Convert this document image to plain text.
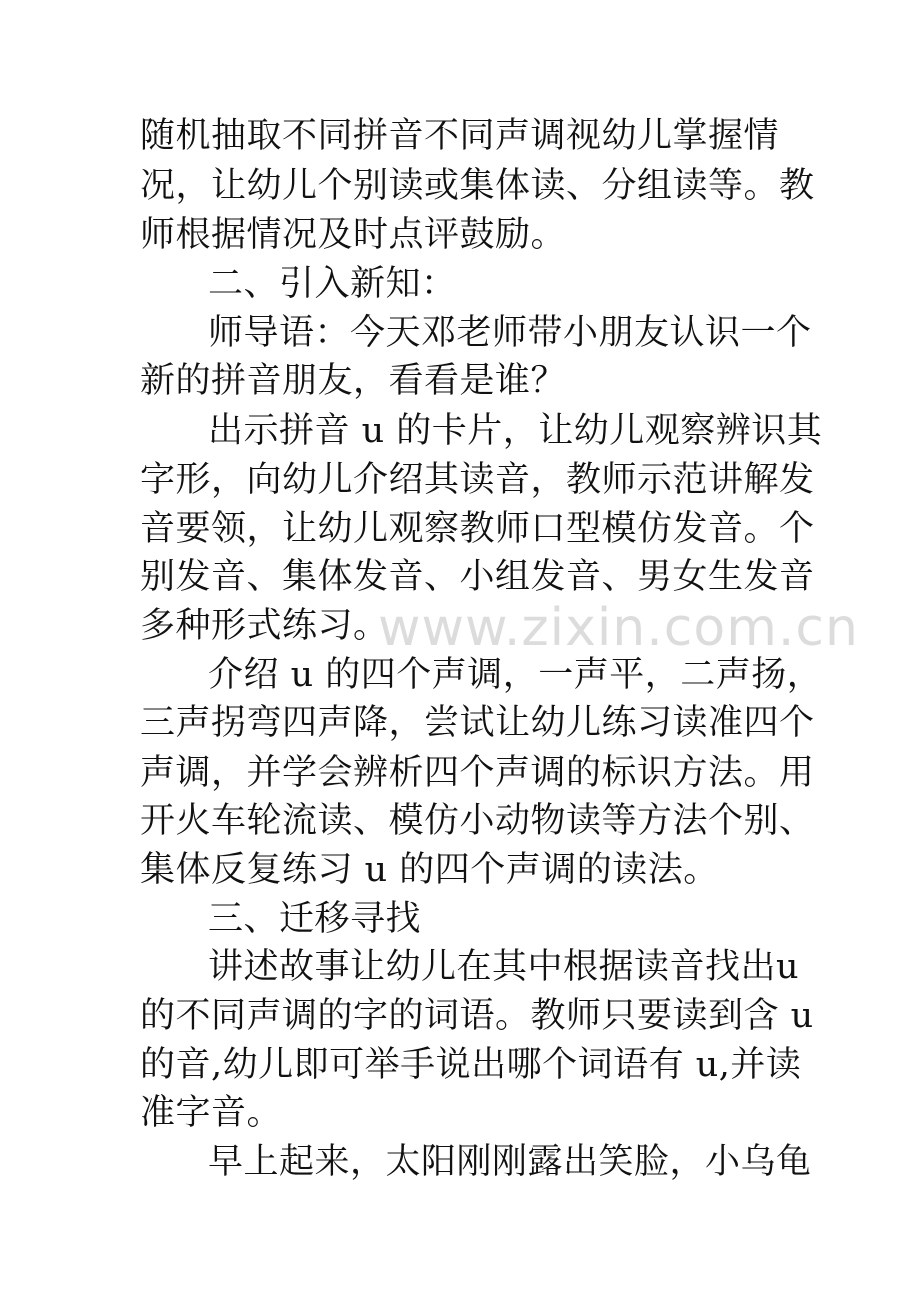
www.zixin.com.cn
随机抽取不同拼音不同声调视幼儿掌握情
况，让幼儿个别读或集体读、分组读等。教
师根据情况及时点评鼓励。
二、引入新知：
师导语：今天邓老师带小朋友认识一个
新的拼音朋友，看看是谁？
出示拼音 u 的卡片，让幼儿观察辨识其
字形，向幼儿介绍其读音，教师示范讲解发
音要领，让幼儿观察教师口型模仿发音。个
别发音、集体发音、小组发音、男女生发音
多种形式练习。
介绍 u 的四个声调，一声平，二声扬，
三声拐弯四声降，尝试让幼儿练习读准四个
声调，并学会辨析四个声调的标识方法。用
开火车轮流读、模仿小动物读等方法个别、
集体反复练习 u 的四个声调的读法。
三、迁移寻找
讲述故事让幼儿在其中根据读音找出u
的不同声调的字的词语。教师只要读到含 u
的音,幼儿即可举手说出哪个词语有 u,并读
准字音。
早上起来，太阳刚刚露出笑脸，小乌龟
